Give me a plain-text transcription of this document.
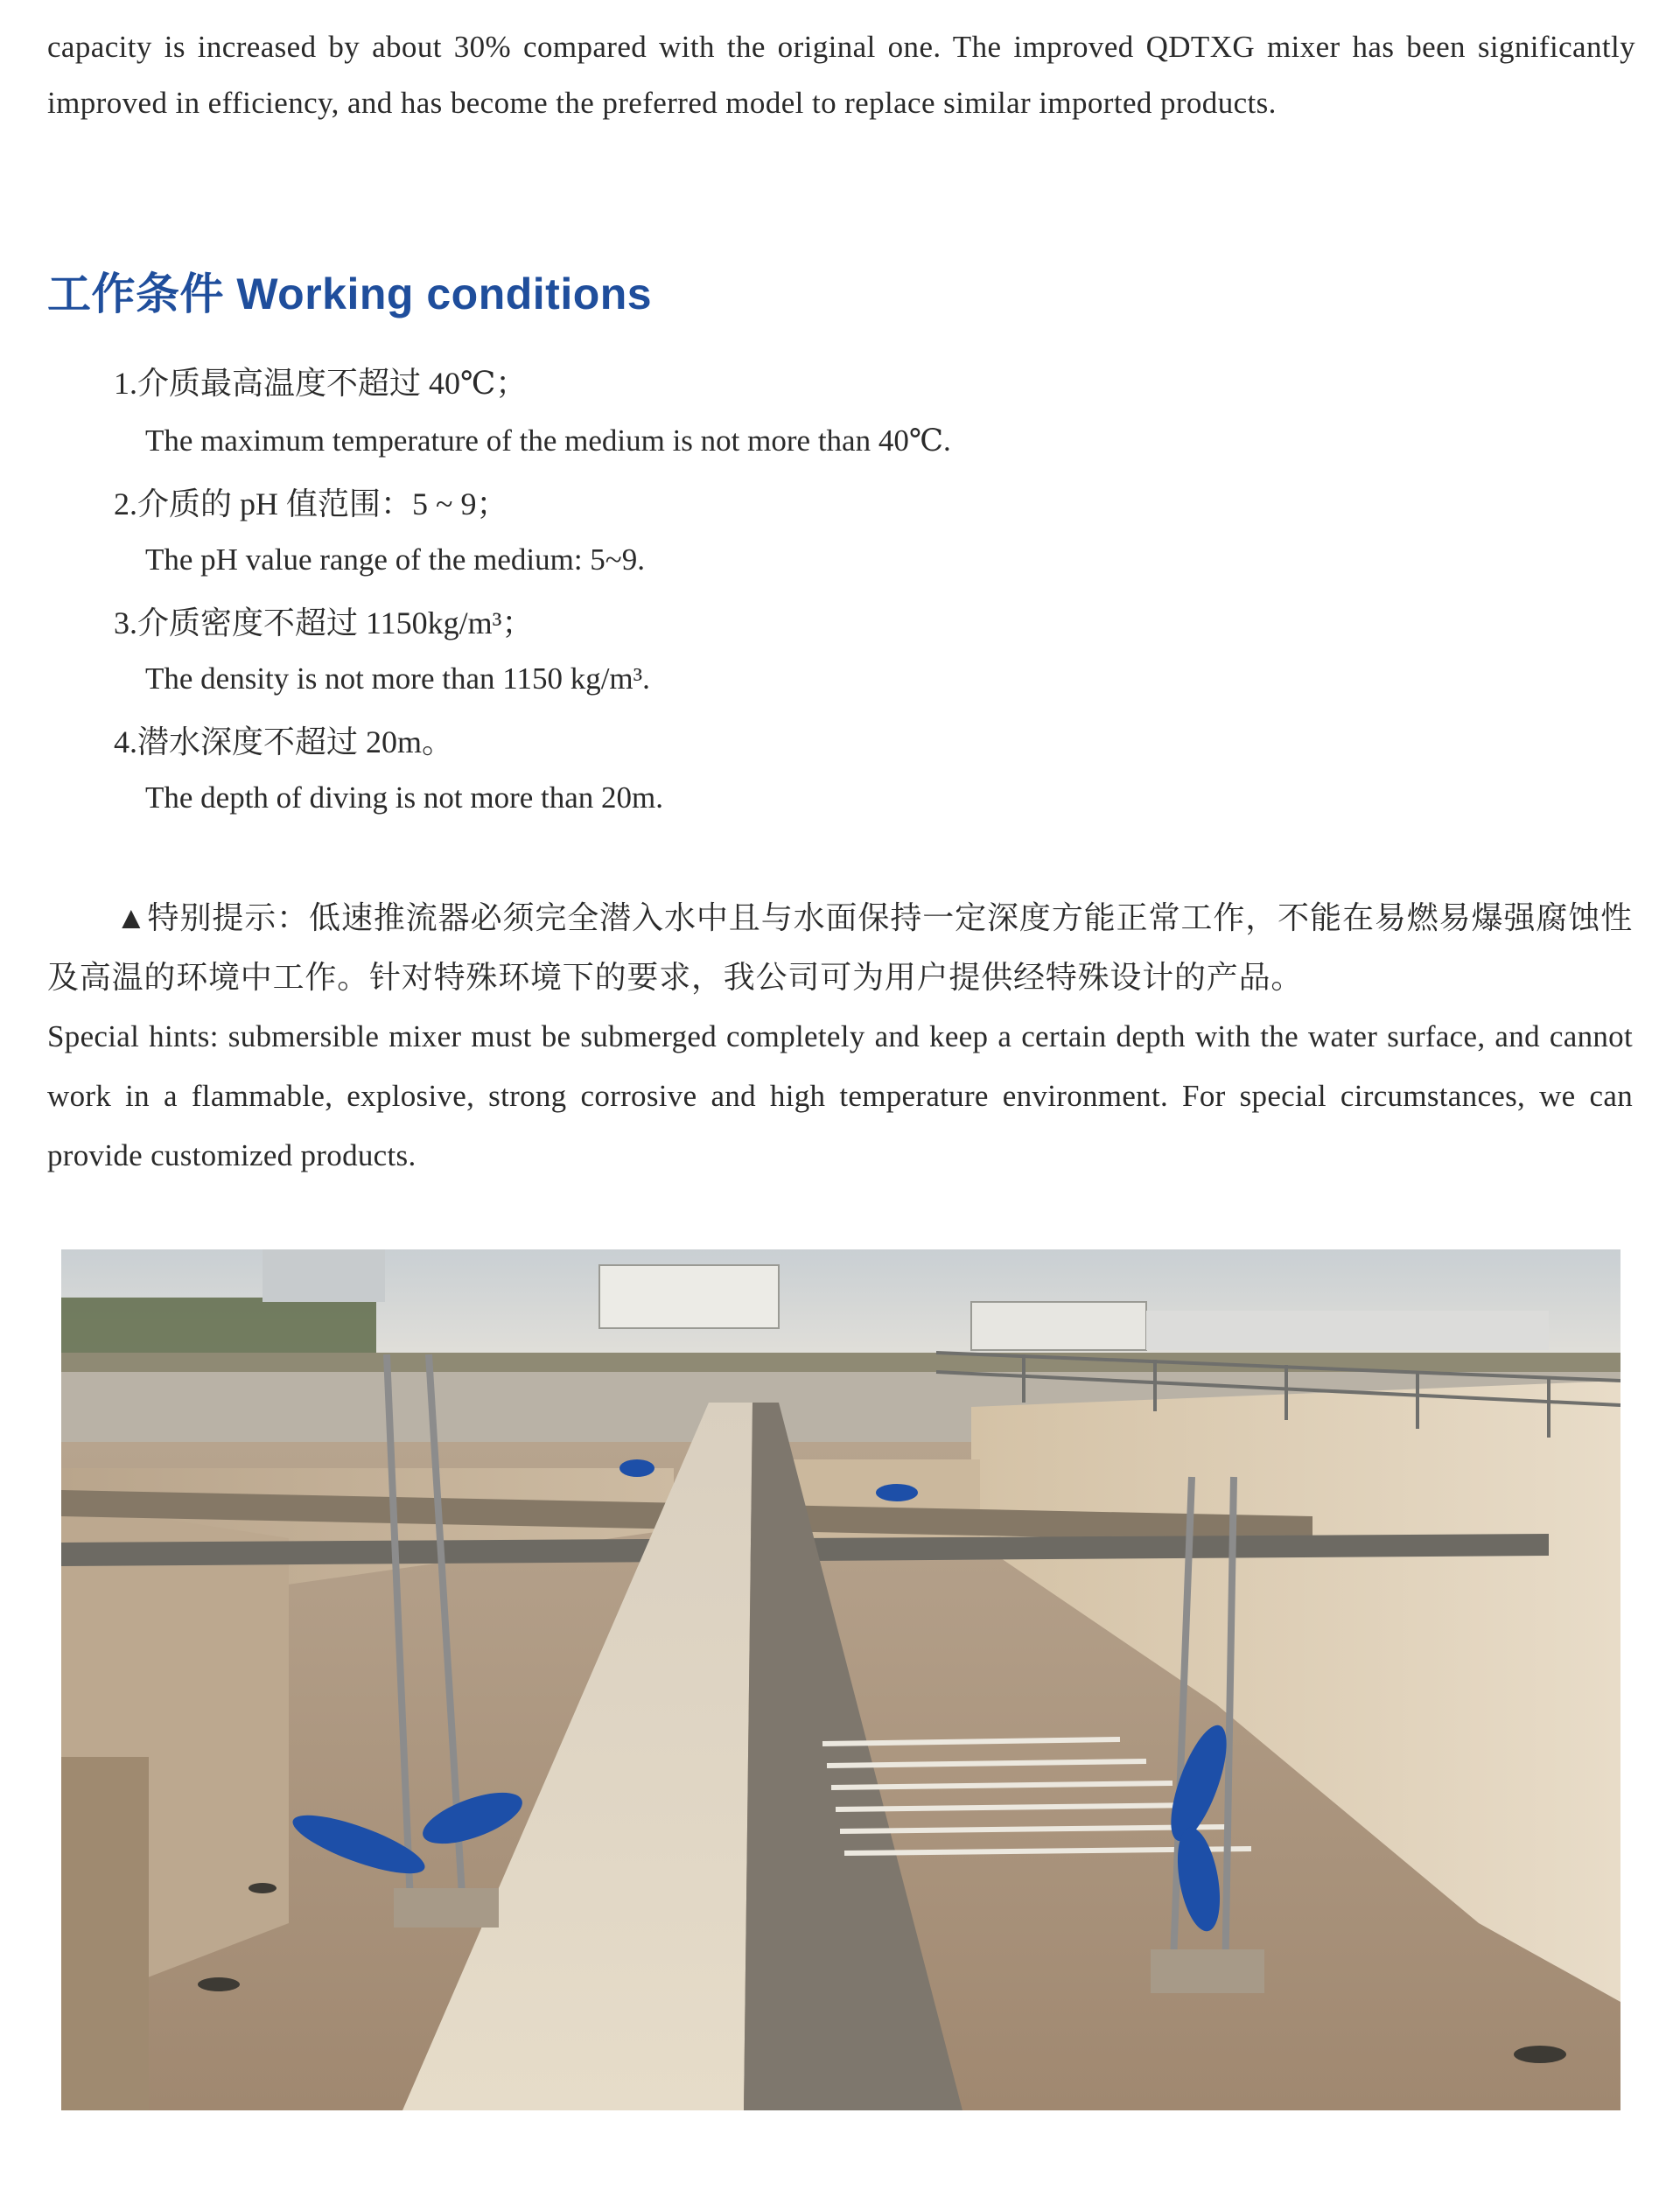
capacity is increased by about 30% compared with the original one. The improved QDTXG mixer has been significantly improved in efficiency, and has become the preferred model to replace similar imported products.

工作条件 Working conditions
1.介质最高温度不超过 40℃；
The maximum temperature of the medium is not more than 40℃.
2.介质的 pH 值范围：5 ~ 9；
The pH value range of the medium: 5~9.
3.介质密度不超过 1150kg/m³；
The density is not more than 1150 kg/m³.
4.潜水深度不超过 20m。
The depth of diving is not more than 20m.

▲特别提示：低速推流器必须完全潜入水中且与水面保持一定深度方能正常工作，不能在易燃易爆强腐蚀性及高温的环境中工作。针对特殊环境下的要求，我公司可为用户提供经特殊设计的产品。

Special hints: submersible mixer must be submerged completely and keep a certain depth with the water surface, and cannot work in a flammable, explosive, strong corrosive and high temperature environment. For special circumstances, we can provide customized products.
